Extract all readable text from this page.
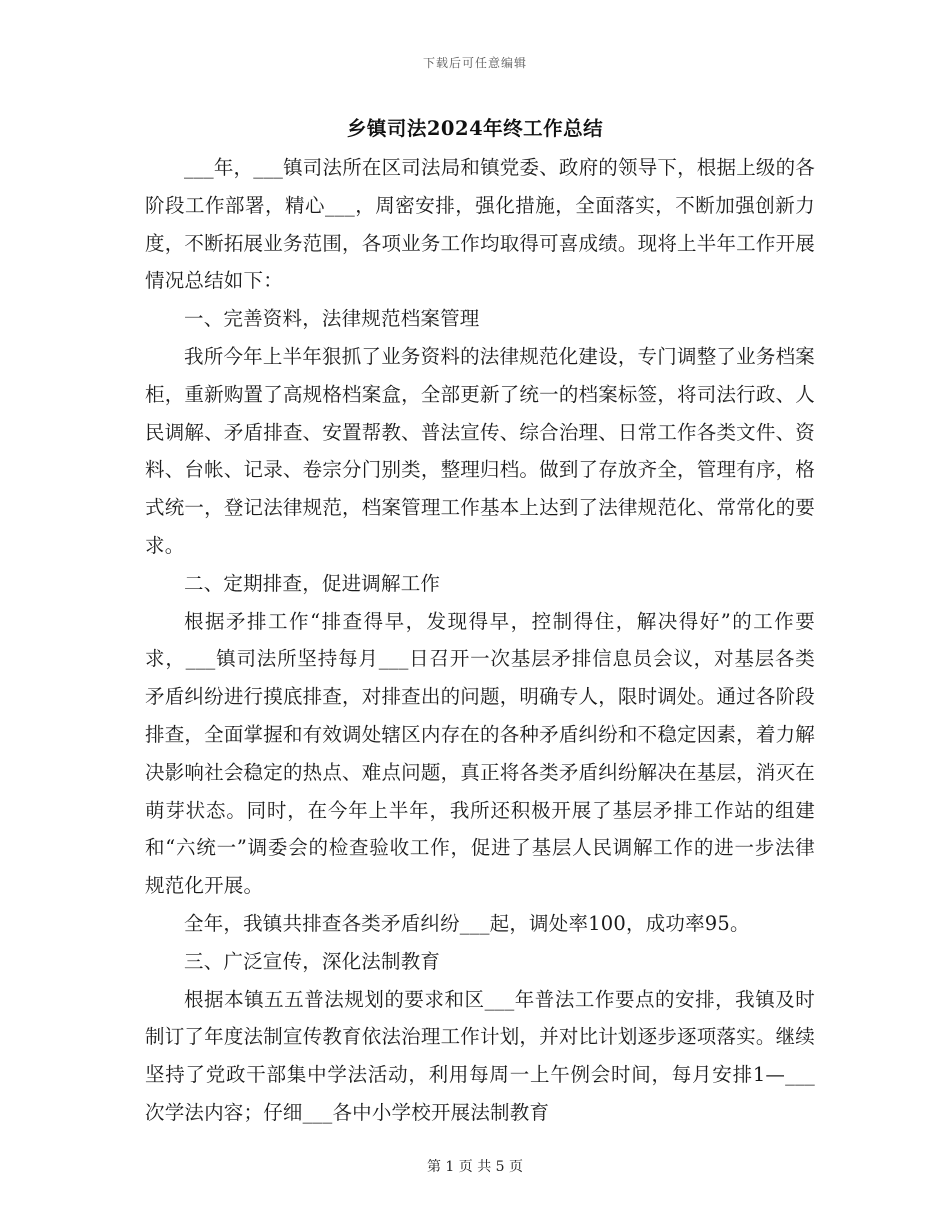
下载后可任意编辑
乡镇司法2024年终工作总结

___年，___镇司法所在区司法局和镇党委、政府的领导下，根据上级的各阶段工作部署，精心___，周密安排，强化措施，全面落实，不断加强创新力度，不断拓展业务范围，各项业务工作均取得可喜成绩。现将上半年工作开展情况总结如下：

一、完善资料，法律规范档案管理

我所今年上半年狠抓了业务资料的法律规范化建设，专门调整了业务档案柜，重新购置了高规格档案盒，全部更新了统一的档案标签，将司法行政、人民调解、矛盾排查、安置帮教、普法宣传、综合治理、日常工作各类文件、资料、台帐、记录、卷宗分门别类，整理归档。做到了存放齐全，管理有序，格式统一，登记法律规范，档案管理工作基本上达到了法律规范化、常常化的要求。

二、定期排查，促进调解工作

根据矛排工作“排查得早，发现得早，控制得住，解决得好”的工作要求，___镇司法所坚持每月___日召开一次基层矛排信息员会议，对基层各类矛盾纠纷进行摸底排查，对排查出的问题，明确专人，限时调处。通过各阶段排查，全面掌握和有效调处辖区内存在的各种矛盾纠纷和不稳定因素，着力解决影响社会稳定的热点、难点问题，真正将各类矛盾纠纷解决在基层，消灭在萌芽状态。同时，在今年上半年，我所还积极开展了基层矛排工作站的组建和“六统一”调委会的检查验收工作，促进了基层人民调解工作的进一步法律规范化开展。

全年，我镇共排查各类矛盾纠纷___起，调处率100，成功率95。

三、广泛宣传，深化法制教育

根据本镇五五普法规划的要求和区___年普法工作要点的安排，我镇及时制订了年度法制宣传教育依法治理工作计划，并对比计划逐步逐项落实。继续坚持了党政干部集中学法活动，利用每周一上午例会时间，每月安排1—___次学法内容；仔细___各中小学校开展法制教育

第 1 页 共 5 页
